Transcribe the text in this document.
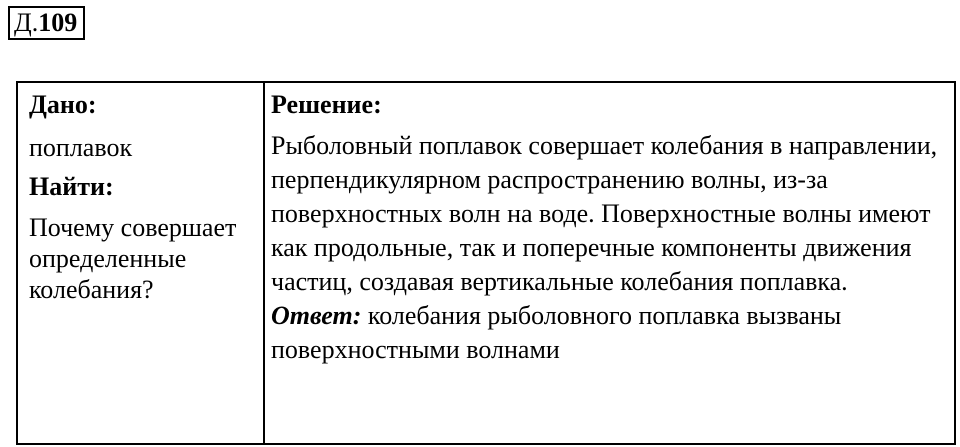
Д.109
Дано:
поплавок
Найти:
Почему совершает определенные колебания?
Решение:
Рыболовный поплавок совершает колебания в направлении, перпендикулярном распространению волны, из-за поверхностных волн на воде. Поверхностные волны имеют как продольные, так и поперечные компоненты движения частиц, создавая вертикальные колебания поплавка.
Ответ: колебания рыболовного поплавка вызваны поверхностными волнами
